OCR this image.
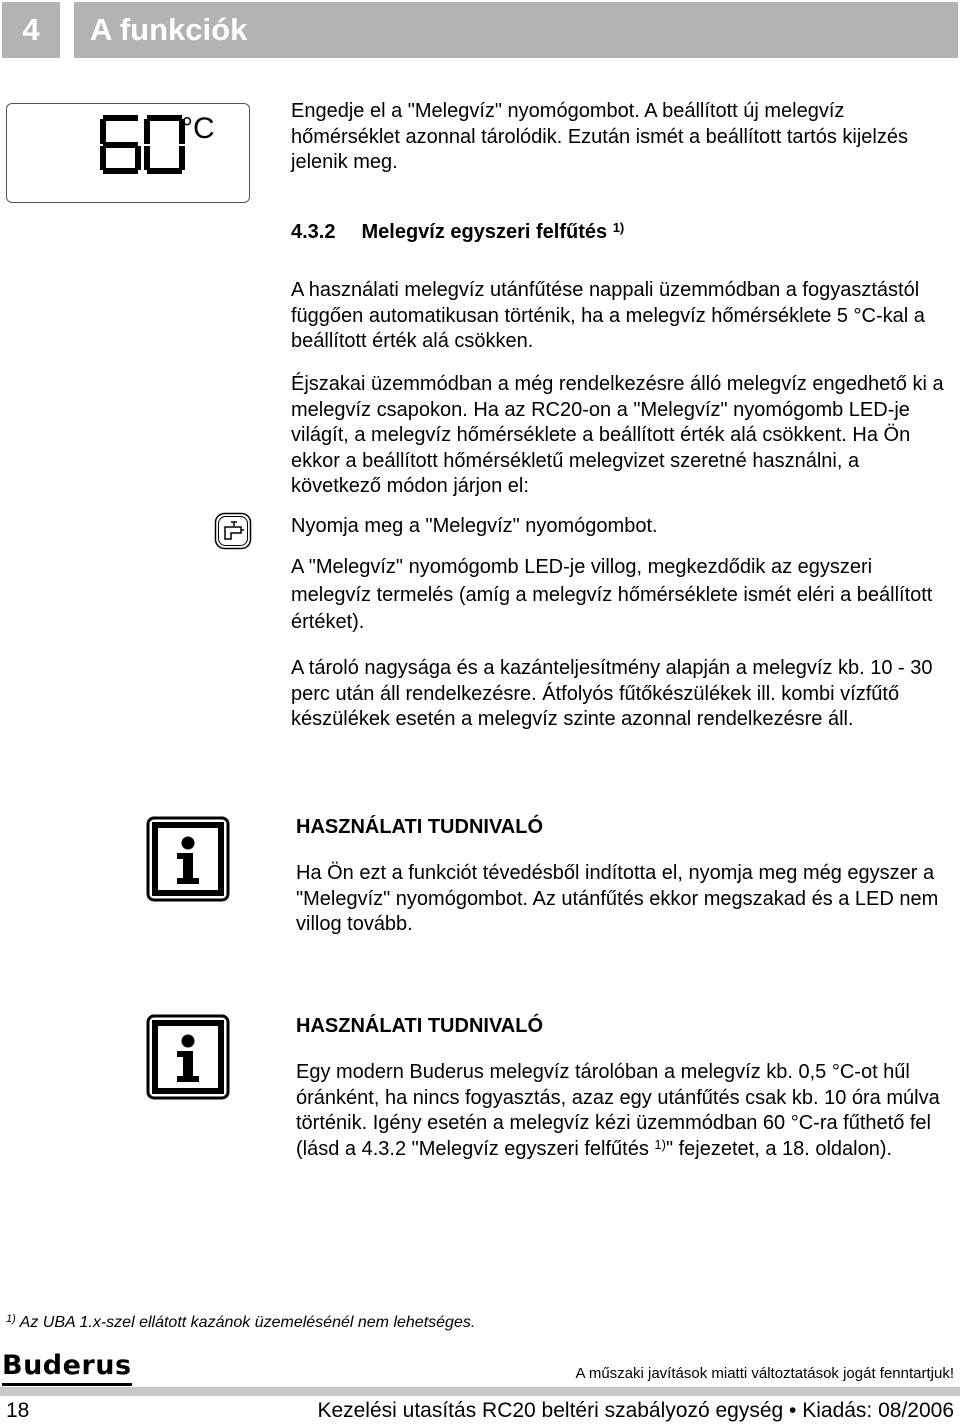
4	A funkciók
°C
Engedje el a "Melegvíz" nyomógombot. A beállított új melegvíz hőmérséklet azonnal tárolódik. Ezután ismét a beállított tartós kijelzés jelenik meg.
4.3.2 Melegvíz egyszeri felfűtés $^{1)}$
A használati melegvíz utánfűtése nappali üzemmódban a fogyasztástól függően automatikusan történik, ha a melegvíz hőmérséklete 5 °C-kal a beállított érték alá csökken.
Éjszakai üzemmódban a még rendelkezésre álló melegvíz engedhető ki a melegvíz csapokon. Ha az RC20-on a "Melegvíz" nyomógomb LED-je világít, a melegvíz hőmérséklete a beállított érték alá csökkent. Ha Ön ekkor a beállított hőmérsékletű melegvizet szeretné használni, a következő módon járjon el:
Nyomja meg a "Melegvíz" nyomógombot.
A "Melegvíz" nyomógomb LED-je villog, megkezdődik az egyszeri melegvíz termelés (amíg a melegvíz hőmérséklete ismét eléri a beállított értéket).
A tároló nagysága és a kazánteljesítmény alapján a melegvíz kb. 10 - 30 perc után áll rendelkezésre. Átfolyós fűtőkészülékek ill. kombi vízfűtő készülékek esetén a melegvíz szinte azonnal rendelkezésre áll.
HASZNÁLATI TUDNIVALÓ
Ha Ön ezt a funkciót tévedésből indította el, nyomja meg még egyszer a "Melegvíz" nyomógombot. Az utánfűtés ekkor megszakad és a LED nem villog tovább.
HASZNÁLATI TUDNIVALÓ
Egy modern Buderus melegvíz tárolóban a melegvíz kb. 0,5 °C-ot hűl óránként, ha nincs fogyasztás, azaz egy utánfűtés csak kb. 10 óra múlva történik. Igény esetén a melegvíz kézi üzemmódban 60 °C-ra fűthető fel (lásd a 4.3.2 "Melegvíz egyszeri felfűtés $^{1)}$" fejezetet, a 18. oldalon).
$^{1)}$ Az UBA 1.x-szel ellátott kazánok üzemelésénél nem lehetséges.
Buderus	A műszaki javítások miatti változtatások jogát fenntartjuk!
18	Kezelési utasítás RC20 beltéri szabályozó egység • Kiadás: 08/2006
